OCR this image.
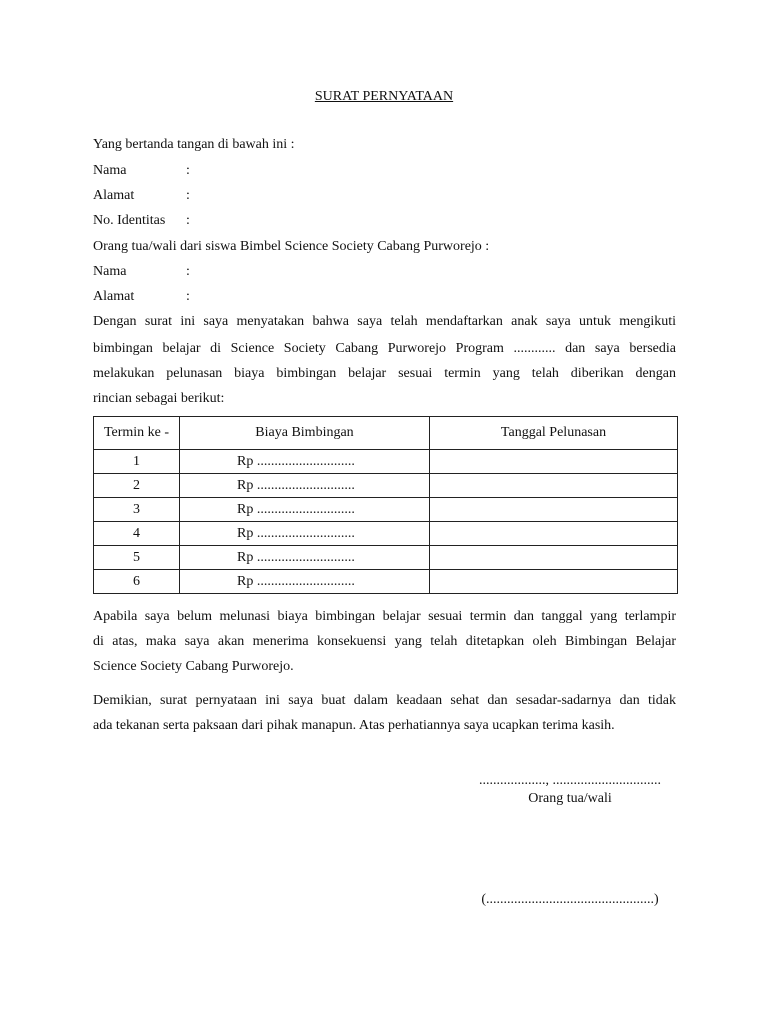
SURAT PERNYATAAN
Yang bertanda tangan di bawah ini :
Nama	:
Alamat	:
No. Identitas :
Orang tua/wali dari siswa Bimbel Science Society Cabang Purworejo :
Nama	:
Alamat	:
Dengan surat ini saya menyatakan bahwa saya telah mendaftarkan anak saya untuk mengikuti
bimbingan belajar di Science Society Cabang Purworejo Program ............ dan saya bersedia
melakukan pelunasan biaya bimbingan belajar sesuai termin yang telah diberikan dengan
rincian sebagai berikut:
Termin ke -	Biaya Bimbingan	Tanggal Pelunasan
1	Rp ............................	
2	Rp ............................	
3	Rp ............................	
4	Rp ............................	
5	Rp ............................	
6	Rp ............................	
Apabila saya belum melunasi biaya bimbingan belajar sesuai termin dan tanggal yang terlampir
di atas, maka saya akan menerima konsekuensi yang telah ditetapkan oleh Bimbingan Belajar
Science Society Cabang Purworejo.
Demikian, surat pernyataan ini saya buat dalam keadaan sehat dan sesadar-sadarnya dan tidak
ada tekanan serta paksaan dari pihak manapun. Atas perhatiannya saya ucapkan terima kasih.
..................., ...............................
Orang tua/wali
(................................................)
